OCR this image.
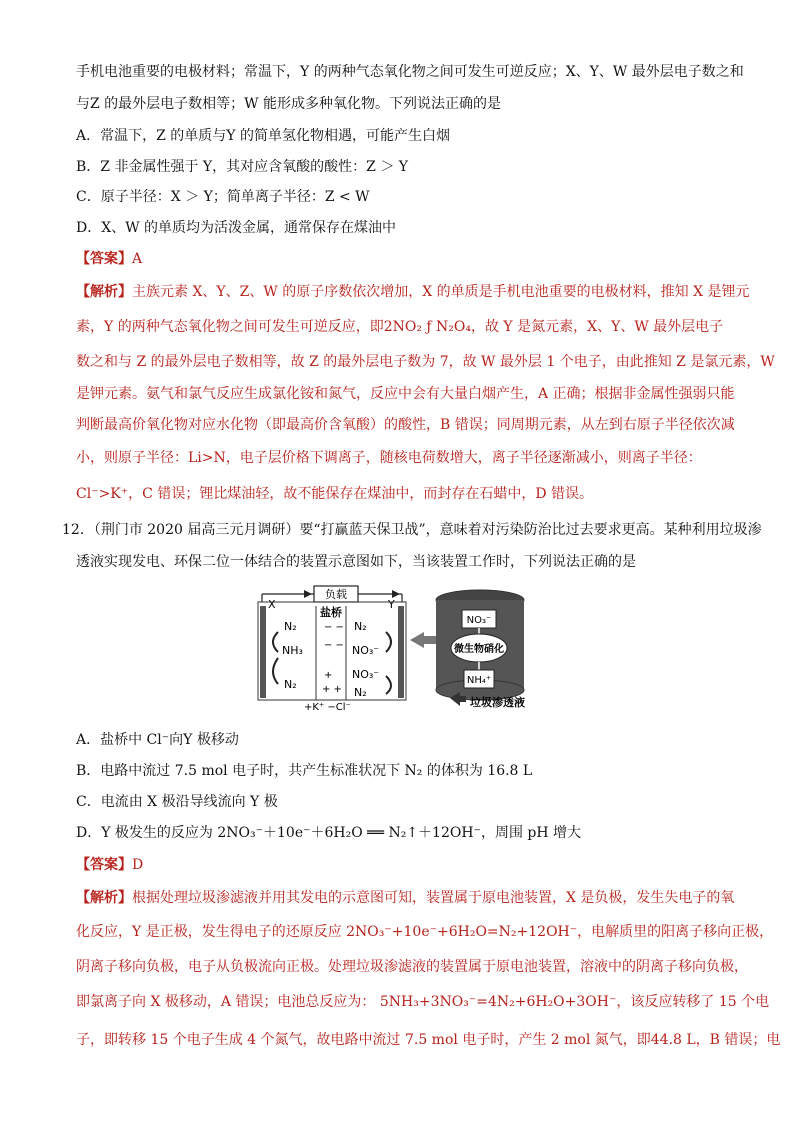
手机电池重要的电极材料；常温下，Y 的两种气态氧化物之间可发生可逆反应；X、Y、W 最外层电子数之和
与Z 的最外层电子数相等；W 能形成多种氧化物。下列说法正确的是
A．常温下，Z 的单质与Y 的简单氢化物相遇，可能产生白烟
B．Z 非金属性强于 Y，其对应含氧酸的酸性：Z ＞ Y
C．原子半径：X ＞ Y；简单离子半径：Z < W
D．X、W 的单质均为活泼金属，通常保存在煤油中
【答案】A
【解析】主族元素 X、Y、Z、W 的原子序数依次增加，X 的单质是手机电池重要的电极材料，推知 X 是锂元
素，Y 的两种气态氧化物之间可发生可逆反应，即2NO₂ ƒ N₂O₄，故 Y 是氮元素，X、Y、W 最外层电子
数之和与 Z 的最外层电子数相等，故 Z 的最外层电子数为 7，故 W 最外层 1 个电子，由此推知 Z 是氯元素，W
是钾元素。氨气和氯气反应生成氯化铵和氮气，反应中会有大量白烟产生，A 正确；根据非金属性强弱只能
判断最高价氧化物对应水化物（即最高价含氧酸）的酸性，B 错误；同周期元素，从左到右原子半径依次减
小，则原子半径：Li>N，电子层价格下调离子，随核电荷数增大，离子半径逐渐减小，则离子半径：
Cl⁻>K⁺，C 错误；锂比煤油轻，故不能保存在煤油中，而封存在石蜡中，D 错误。
12．（荆门市 2020 届高三元月调研）要“打赢蓝天保卫战”，意味着对污染防治比过去要求更高。某种利用垃圾渗
透液实现发电、环保二位一体结合的装置示意图如下，当该装置工作时，下列说法正确的是
负载
X	Y
盐桥
− −
− −
+
+ +
N₂
NH₃
N₂
N₂
NO₃⁻
NO₃⁻
N₂
+K⁺ −Cl⁻
NO₃⁻
微生物硝化
NH₄⁺
垃圾渗透液
A．盐桥中 Cl⁻向Y 极移动
B．电路中流过 7.5 mol 电子时，共产生标准状况下 N₂ 的体积为 16.8 L
C．电流由 X 极沿导线流向 Y 极
D．Y 极发生的反应为 2NO₃⁻＋10e⁻＋6H₂O ══ N₂↑＋12OH⁻，周围 pH 增大
【答案】D
【解析】根据处理垃圾渗滤液并用其发电的示意图可知，装置属于原电池装置，X 是负极，发生失电子的氧
化反应，Y 是正极，发生得电子的还原反应 2NO₃⁻+10e⁻+6H₂O=N₂+12OH⁻，电解质里的阳离子移向正极，
阴离子移向负极，电子从负极流向正极。处理垃圾渗滤液的装置属于原电池装置，溶液中的阴离子移向负极，
即氯离子向 X 极移动，A 错误；电池总反应为： 5NH₃+3NO₃⁻=4N₂+6H₂O+3OH⁻，该反应转移了 15 个电
子，即转移 15 个电子生成 4 个氮气，故电路中流过 7.5 mol 电子时，产生 2 mol 氮气，即44.8 L，B 错误；电
